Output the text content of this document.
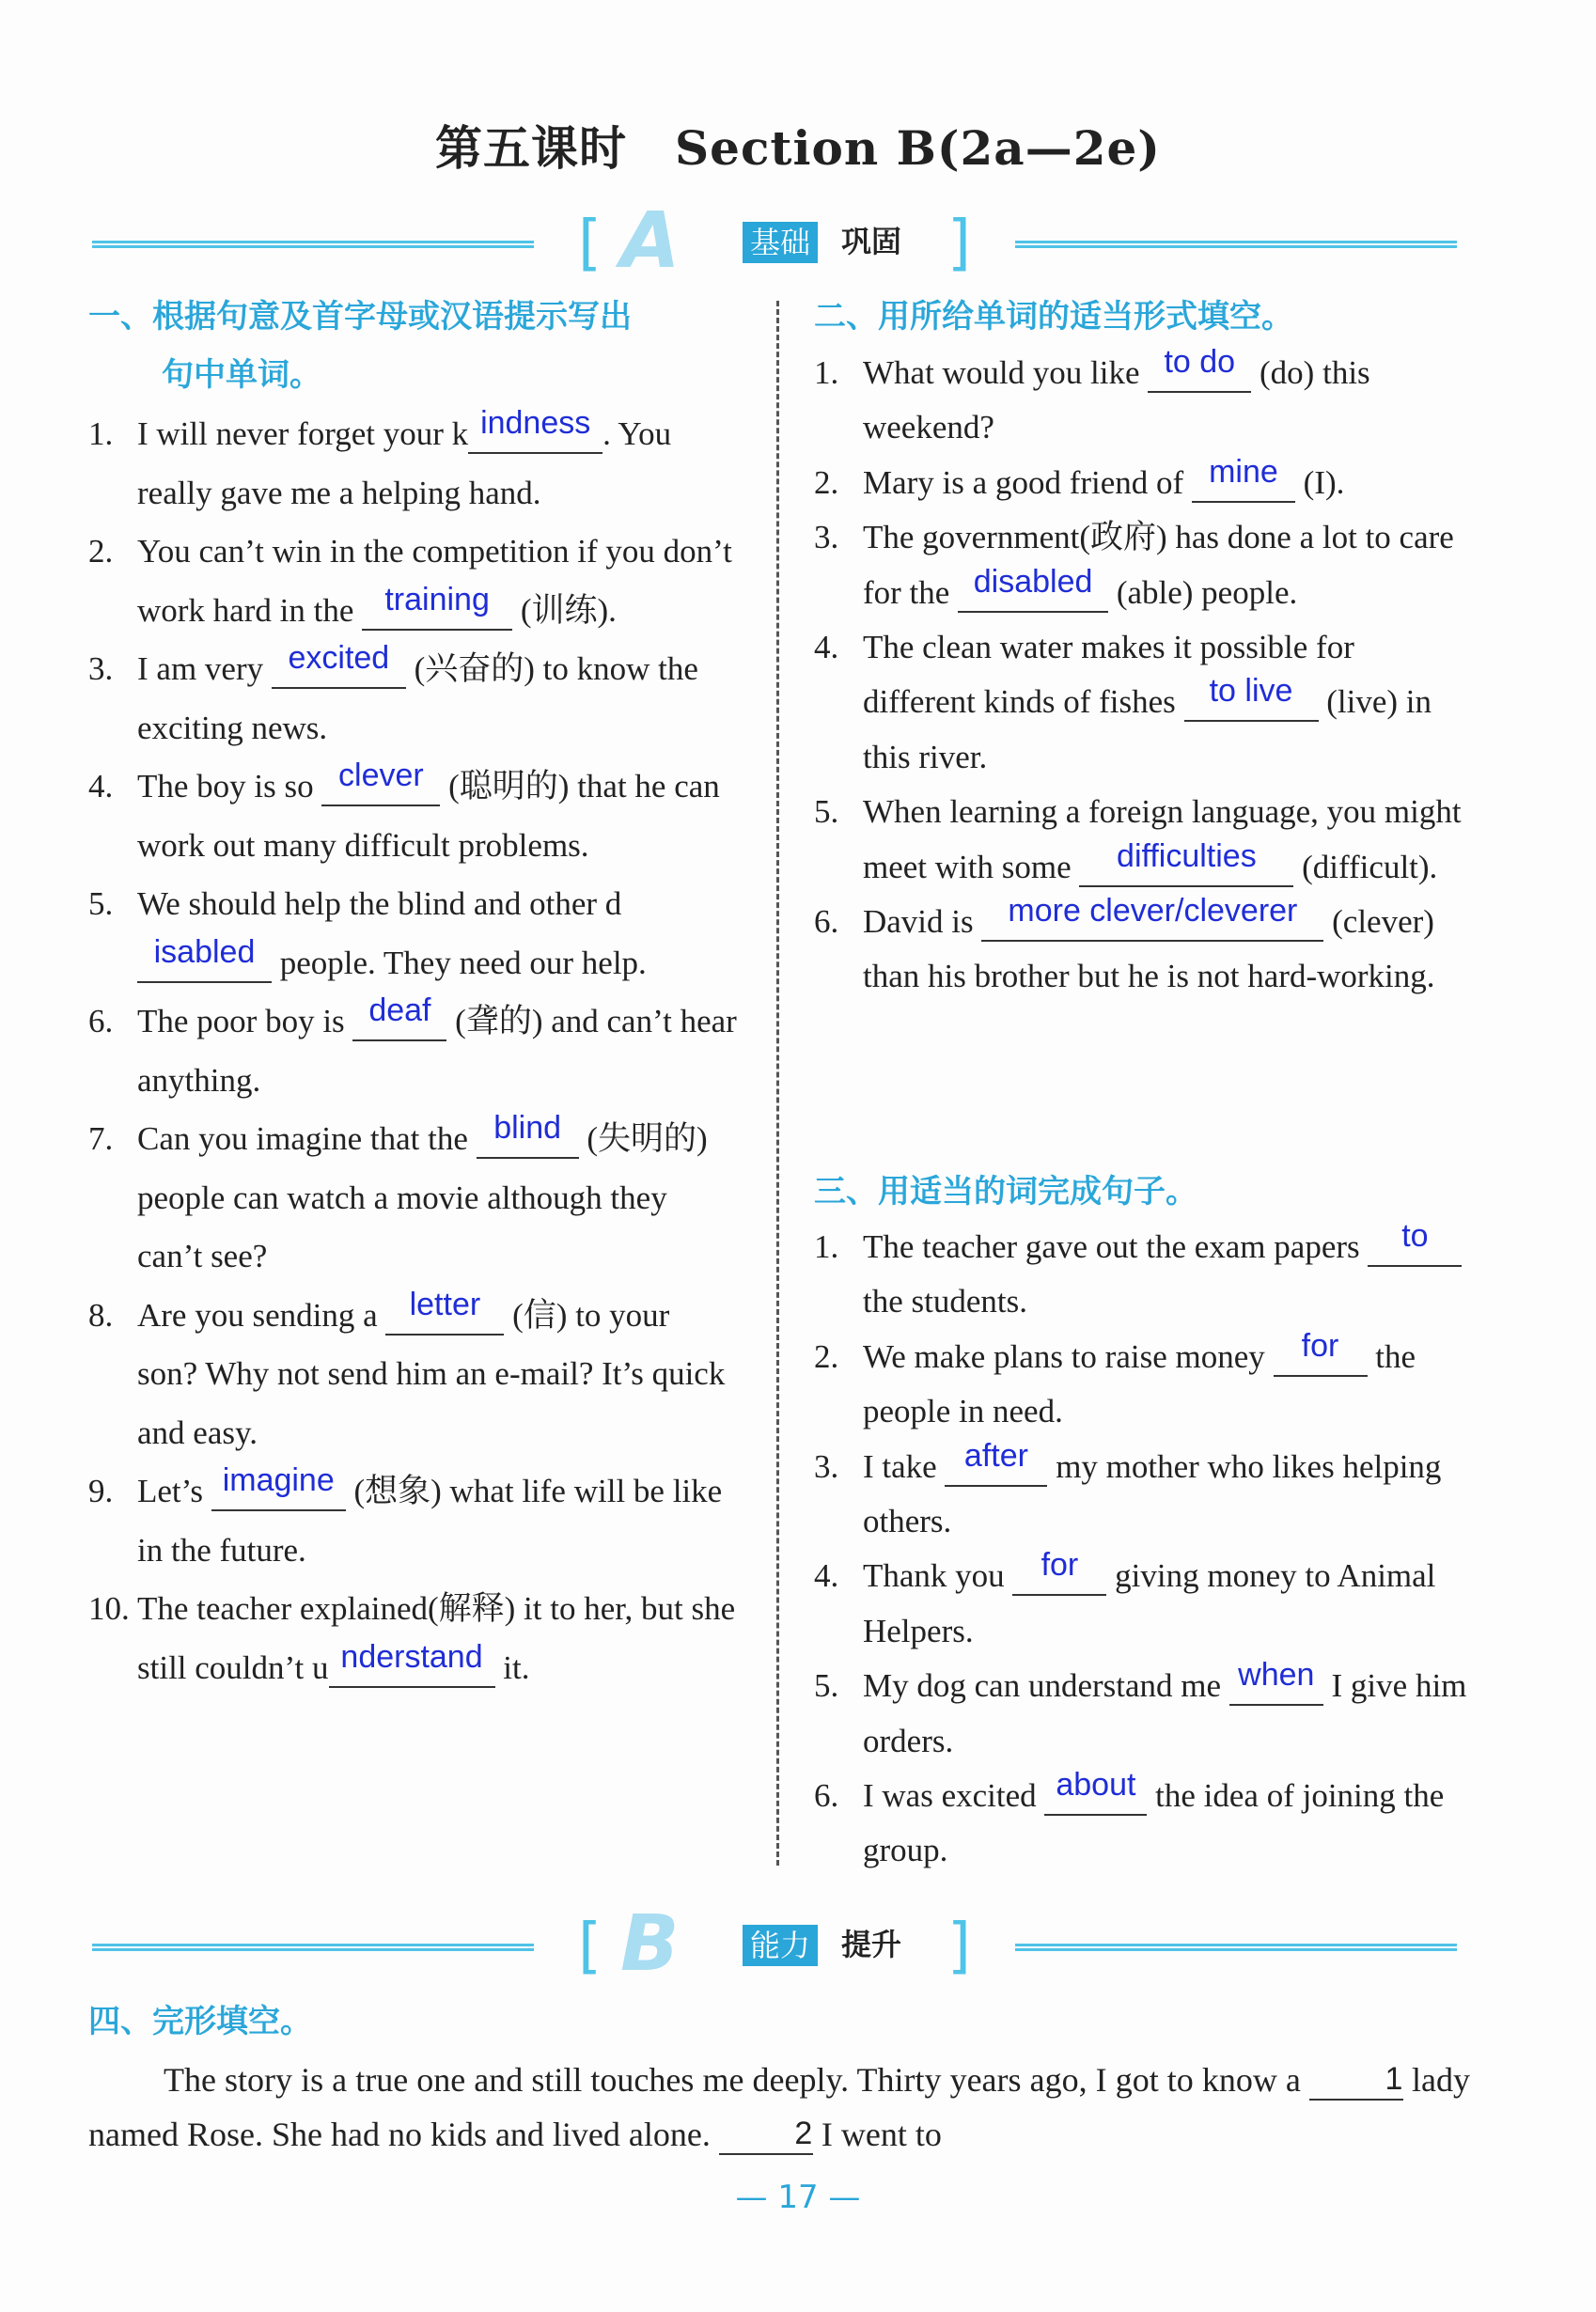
第五课时　Section B(2a—2e)
[ A 基础 巩固 ]
一、根据句意及首字母或汉语提示写出
句中单词。
1. I will never forget your k indness . You really gave me a helping hand.
2. You can’t win in the competition if you don’t work hard in the training (训练).
3. I am very excited (兴奋的) to know the exciting news.
4. The boy is so clever (聪明的) that he can work out many difficult problems.
5. We should help the blind and other disabled people. They need our help.
6. The poor boy is deaf (聋的) and can’t hear anything.
7. Can you imagine that the blind (失明的) people can watch a movie although they can’t see?
8. Are you sending a letter (信) to your son? Why not send him an e-mail? It’s quick and easy.
9. Let’s imagine (想象) what life will be like in the future.
10. The teacher explained(解释) it to her, but she still couldn’t u nderstand it.
二、用所给单词的适当形式填空。
1. What would you like to do (do) this weekend?
2. Mary is a good friend of mine (I).
3. The government(政府) has done a lot to care for the disabled (able) people.
4. The clean water makes it possible for different kinds of fishes to live (live) in this river.
5. When learning a foreign language, you might meet with some difficulties (difficult).
6. David is more clever/cleverer (clever) than his brother but he is not hard-working.
三、用适当的词完成句子。
1. The teacher gave out the exam papers to the students.
2. We make plans to raise money for the people in need.
3. I take after my mother who likes helping others.
4. Thank you for giving money to Animal Helpers.
5. My dog can understand me when I give him orders.
6. I was excited about the idea of joining the group.
[ B 能力 提升 ]
四、完形填空。
The story is a true one and still touches me deeply. Thirty years ago, I got to know a 1 lady named Rose. She had no kids and lived alone. 2 I went to
— 17 —
